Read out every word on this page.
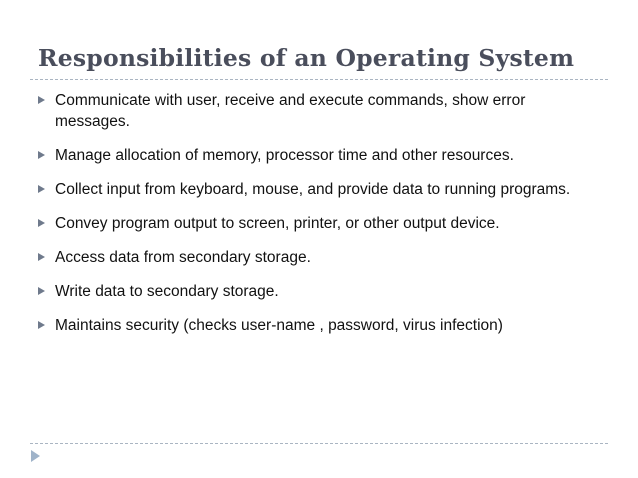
Responsibilities of an Operating System
Communicate with user, receive and execute commands, show error messages.
Manage allocation of memory, processor time and other resources.
Collect input from keyboard, mouse, and provide data to running programs.
Convey program output to screen, printer, or other output device.
Access data from secondary storage.
Write data to secondary storage.
Maintains security (checks user-name , password, virus infection)
